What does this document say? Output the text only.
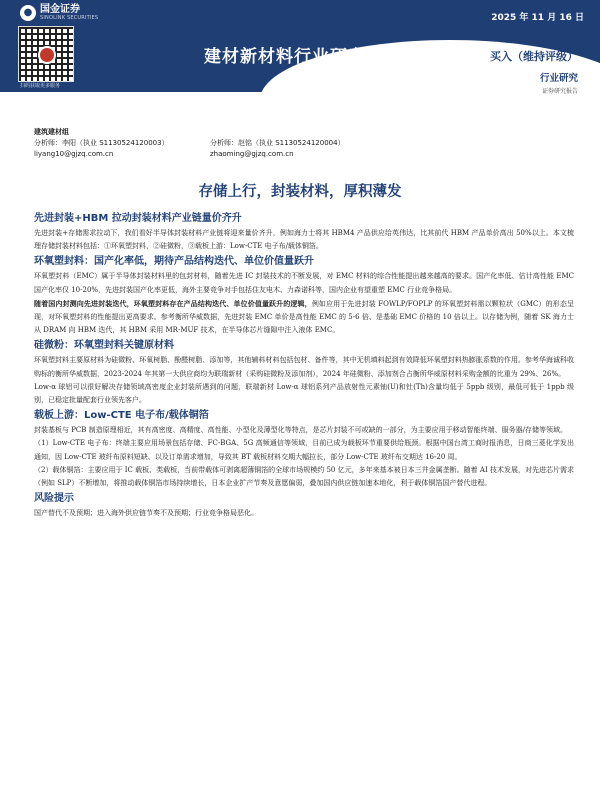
● 国金证券
SINOLINK SECURITIES
扫码获取更多服务
2025 年 11 月 16 日
建材新材料行业研究	买入（维持评级）
行业研究
证券研究报告
建筑建材组
分析师：李阳（执业 S1130524120003）	分析师：赵铭（执业 S1130524120004）
liyang10@gjzq.com.cn	zhaoming@gjzq.com.cn
存储上行，封装材料，厚积薄发
先进封装+HBM 拉动封装材料产业链量价齐升

先进封装+存储需求拉动下，我们看好半导体封装材料产业链将迎来量价齐升，例如海力士将其 HBM4 产品供应给英伟达，比其前代 HBM 产品单价高出 50%以上。本文梳理存储封装材料包括：①环氧塑封料，②硅微粉，③载板上游：Low-CTE 电子布/载体铜箔。

环氧塑封料：国产化率低，期待产品结构迭代、单位价值量跃升

环氧塑封料（EMC）属于半导体封装材料里的包封材料，随着先进 IC 封装技术的不断发展，对 EMC 材料的综合性能提出越来越高的要求。国产化率低、估计高性能 EMC 国产化率仅 10-20%，先进封装国产化率更低，海外主要竞争对手包括住友电木、力森诺科等，国内企业有望重塑 EMC 行业竞争格局。

随着国内封测向先进封装迭代，环氧塑封料存在产品结构迭代、单位价值量跃升的逻辑，例如应用于先进封装 FOWLP/FOPLP 的环氧塑封料需以颗粒状（GMC）的形态呈现，对环氧塑封料的性能提出更高要求。参考衡所华威数据，先进封装 EMC 单价是高性能 EMC 的 5-6 倍、是基础 EMC 价格的 10 倍以上。以存储为例，随着 SK 海力士从 DRAM 向 HBM 迭代，其 HBM 采用 MR-MUF 技术，在半导体芯片缝隙中注入液体 EMC。

硅微粉：环氧塑封料关键原材料

环氧塑封料主要原材料为硅微粉、环氧树脂、酚醛树脂、添加等，其他辅料材料包括包材、备件等，其中无机填料起到有效降低环氧塑封料热膨胀系数的作用。参考华海诚科收购标的衡所华威数据，2023-2024 年其第一大供应商均为联瑞新材（采购硅微粉及添加剂），2024 年硅微粉、添加剂合占衡所华威原材料采购金额的比重为 29%、26%。

Low-α 球铝可以很好解决存储领域高密度企业封装所遇到的问题，联瑞新材 Low-α 球铝系列产品放射性元素铀(U)和钍(Th)含量均低于 5ppb 级别，最低可低于 1ppb 级别，已稳定批量配套行业领先客户。

载板上游：Low-CTE 电子布/载体铜箔

封装基板与 PCB 制造原理相近，其有高密度、高精度、高性能、小型化及薄型化等特点，是芯片封装不可或缺的一部分，为主要应用于移动智能终端、服务器/存储等领域。

（1）Low-CTE 电子布：终端主要应用场景包括存储、FC-BGA、5G 高频通信等领域，目前已成为载板环节重要供给瓶颈。根据中国台湾工商时报消息，日商三菱化学发出通知，因 Low-CTE 玻纤布原料短缺、以及订单需求增加，导致其 BT 载板材料交期大幅拉长，部分 Low-CTE 玻纤布交期达 16-20 周。

（2）载体铜箔：主要应用于 IC 载板、类载板，当前带载体可剥离超薄铜箔的全球市场规模约 50 亿元，多年来基本被日本三井金属垄断。随着 AI 技术发展，对先进芯片需求（例如 SLP）不断增加，将推动载体铜箔市场持续增长，日本企业扩产节奏及意愿偏弱，叠加国内供应链加速本地化，利于载体铜箔国产替代进程。

风险提示

国产替代不及预期；进入海外供应链节奏不及预期；行业竞争格局恶化。
